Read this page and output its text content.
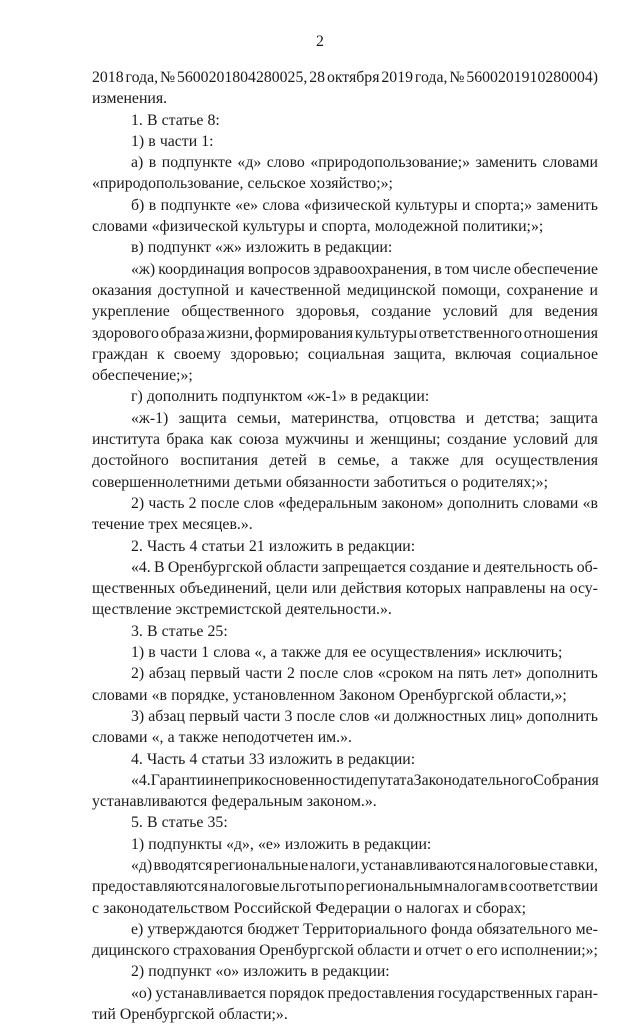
2
2018 года, № 5600201804280025, 28 октября 2019 года, № 5600201910280004)
изменения.
1. В статье 8:
1) в части 1:
а) в подпункте «д» слово «природопользование;» заменить словами
«природопользование, сельское хозяйство;»;
б) в подпункте «е» слова «физической культуры и спорта;» заменить
словами «физической культуры и спорта, молодежной политики;»;
в) подпункт «ж» изложить в редакции:
«ж) координация вопросов здравоохранения, в том числе обеспечение
оказания доступной и качественной медицинской помощи, сохранение и
укрепление общественного здоровья, создание условий для ведения
здорового образа жизни, формирования культуры ответственного отношения
граждан к своему здоровью; социальная защита, включая социальное
обеспечение;»;
г) дополнить подпунктом «ж-1» в редакции:
«ж-1) защита семьи, материнства, отцовства и детства; защита
института брака как союза мужчины и женщины; создание условий для
достойного воспитания детей в семье, а также для осуществления
совершеннолетними детьми обязанности заботиться о родителях;»;
2) часть 2 после слов «федеральным законом» дополнить словами «в
течение трех месяцев.».
2. Часть 4 статьи 21 изложить в редакции:
«4. В Оренбургской области запрещается создание и деятельность об-
щественных объединений, цели или действия которых направлены на осу-
ществление экстремистской деятельности.».
3. В статье 25:
1) в части 1 слова «, а также для ее осуществления» исключить;
2) абзац первый части 2 после слов «сроком на пять лет» дополнить
словами «в порядке, установленном Законом Оренбургской области,»;
3) абзац первый части 3 после слов «и должностных лиц» дополнить
словами «, а также неподотчетен им.».
4. Часть 4 статьи 33 изложить в редакции:
«4. Гарантии неприкосновенности депутата Законодательного Собрания
устанавливаются федеральным законом.».
5. В статье 35:
1) подпункты «д», «е» изложить в редакции:
«д) вводятся региональные налоги, устанавливаются налоговые ставки,
предоставляются налоговые льготы по региональным налогам в соответствии
с законодательством Российской Федерации о налогах и сборах;
е) утверждаются бюджет Территориального фонда обязательного ме-
дицинского страхования Оренбургской области и отчет о его исполнении;»;
2) подпункт «о» изложить в редакции:
«о) устанавливается порядок предоставления государственных гаран-
тий Оренбургской области;».
